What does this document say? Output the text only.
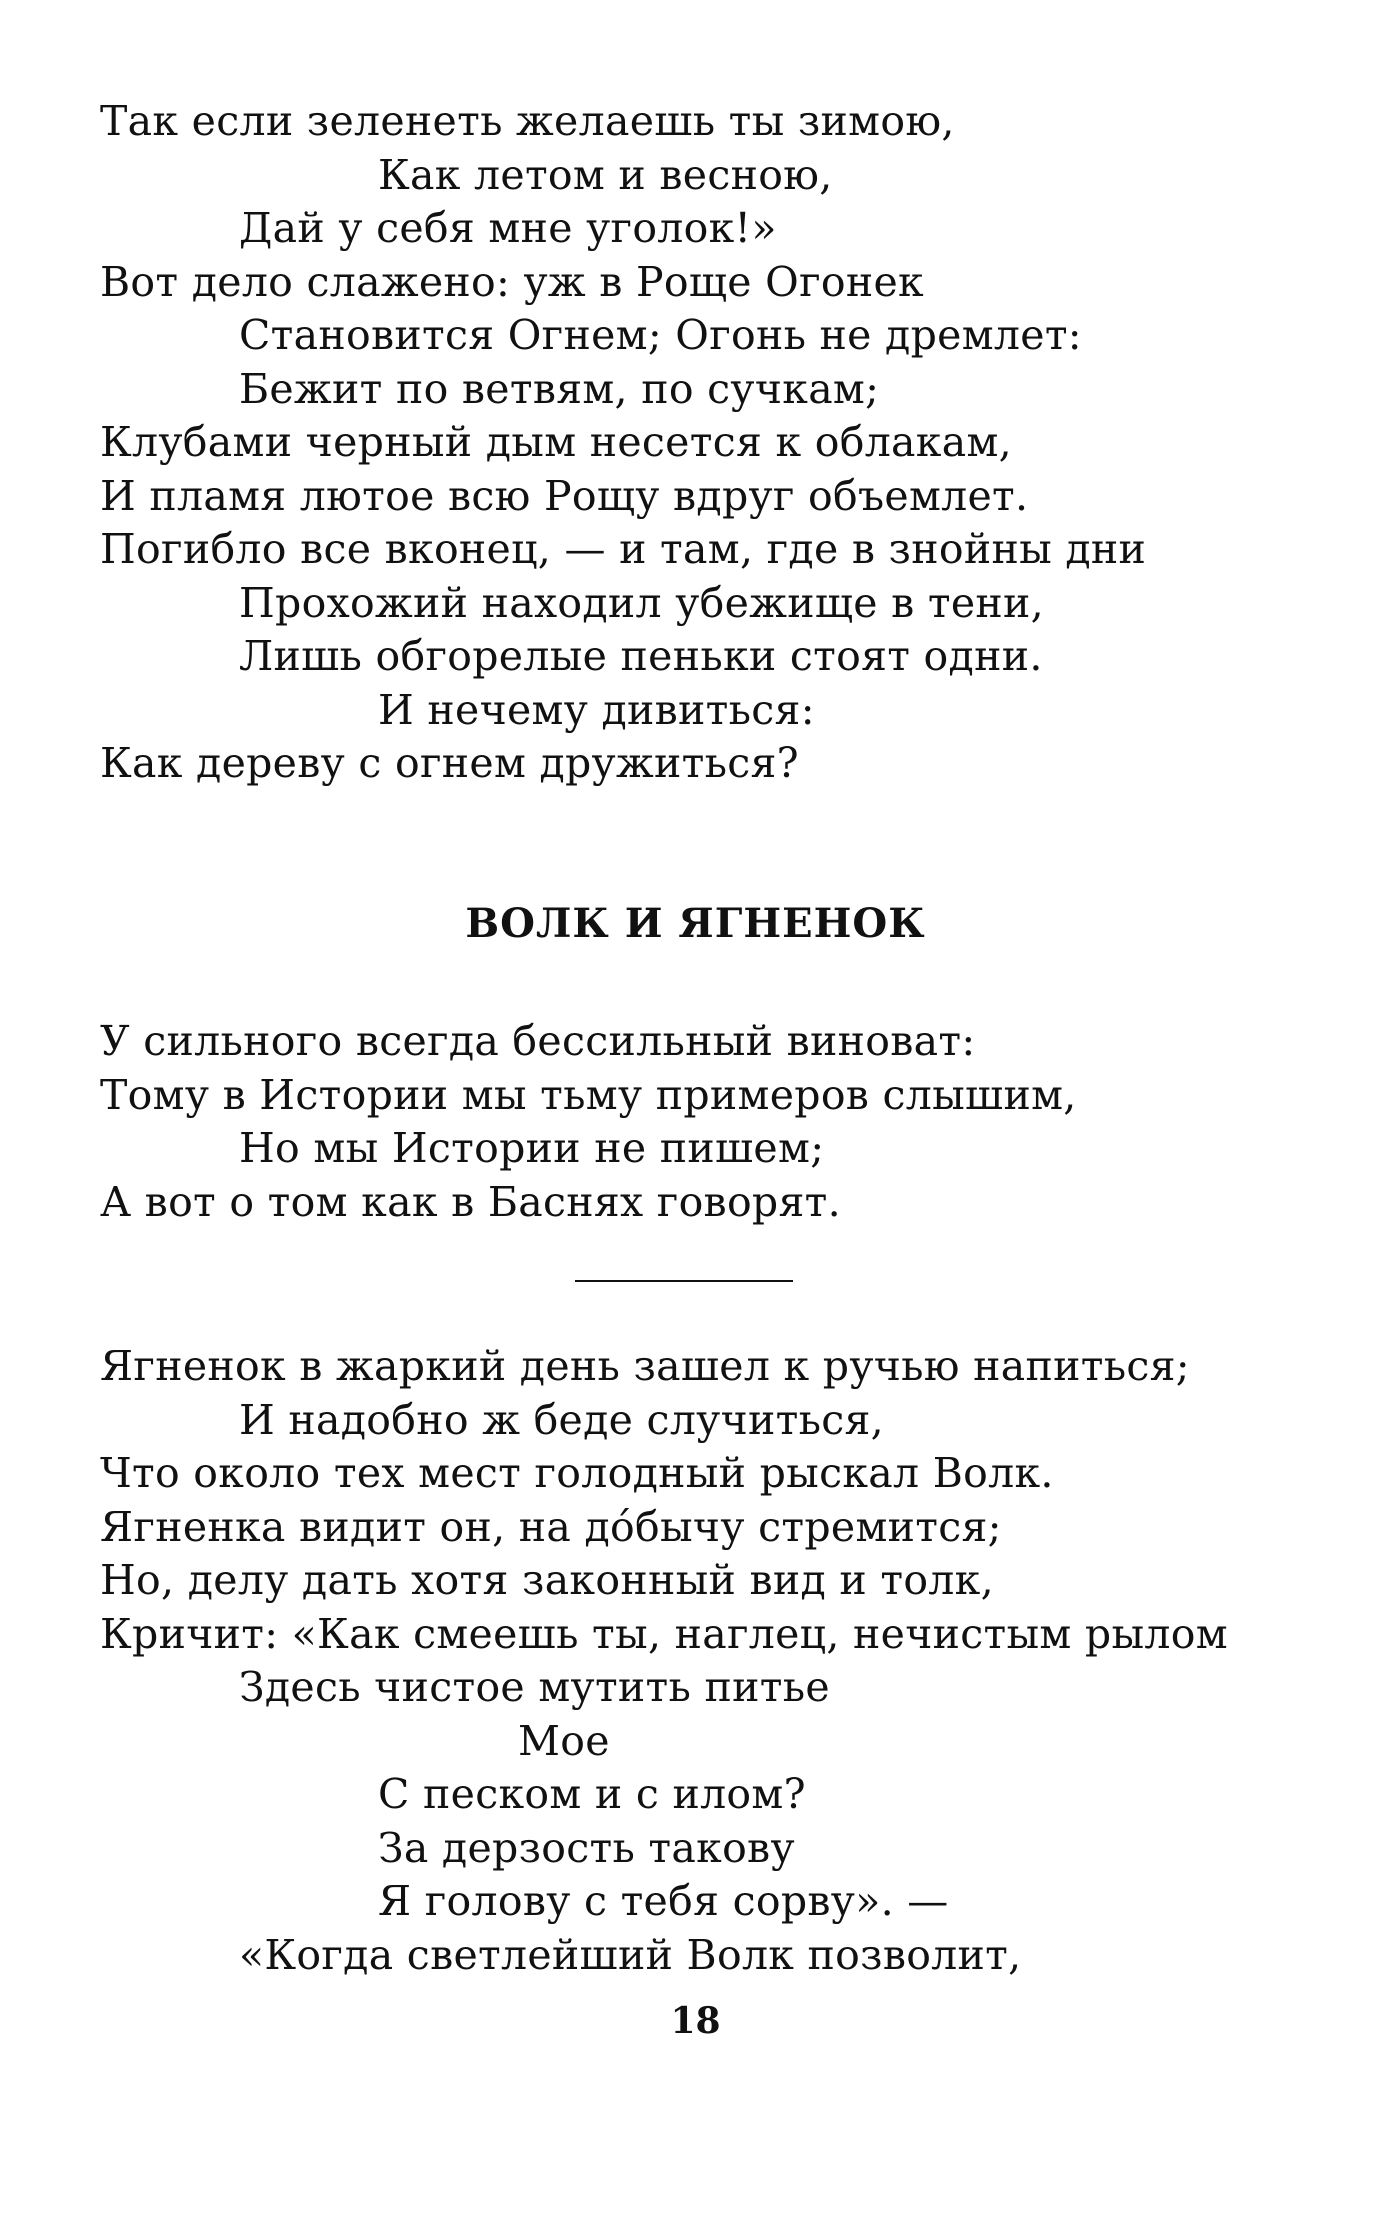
Так если зеленеть желаешь ты зимою,
Как летом и весною,
Дай у себя мне уголок!»
Вот дело слажено: уж в Роще Огонек
Становится Огнем; Огонь не дремлет:
Бежит по ветвям, по сучкам;
Клубами черный дым несется к облакам,
И пламя лютое всю Рощу вдруг объемлет.
Погибло все вконец, — и там, где в знойны дни
Прохожий находил убежище в тени,
Лишь обгорелые пеньки стоят одни.
И нечему дивиться:
Как дереву с огнем дружиться?
ВОЛК И ЯГНЕНОК
У сильного всегда бессильный виноват:
Тому в Истории мы тьму примеров слышим,
Но мы Истории не пишем;
А вот о том как в Баснях говорят.
Ягненок в жаркий день зашел к ручью напиться;
И надобно ж беде случиться,
Что около тех мест голодный рыскал Волк.
Ягненка видит он, на до́бычу стремится;
Но, делу дать хотя законный вид и толк,
Кричит: «Как смеешь ты, наглец, нечистым рылом
Здесь чистое мутить питье
Мое
С песком и с илом?
За дерзость такову
Я голову с тебя сорву». —
«Когда светлейший Волк позволит,
18
